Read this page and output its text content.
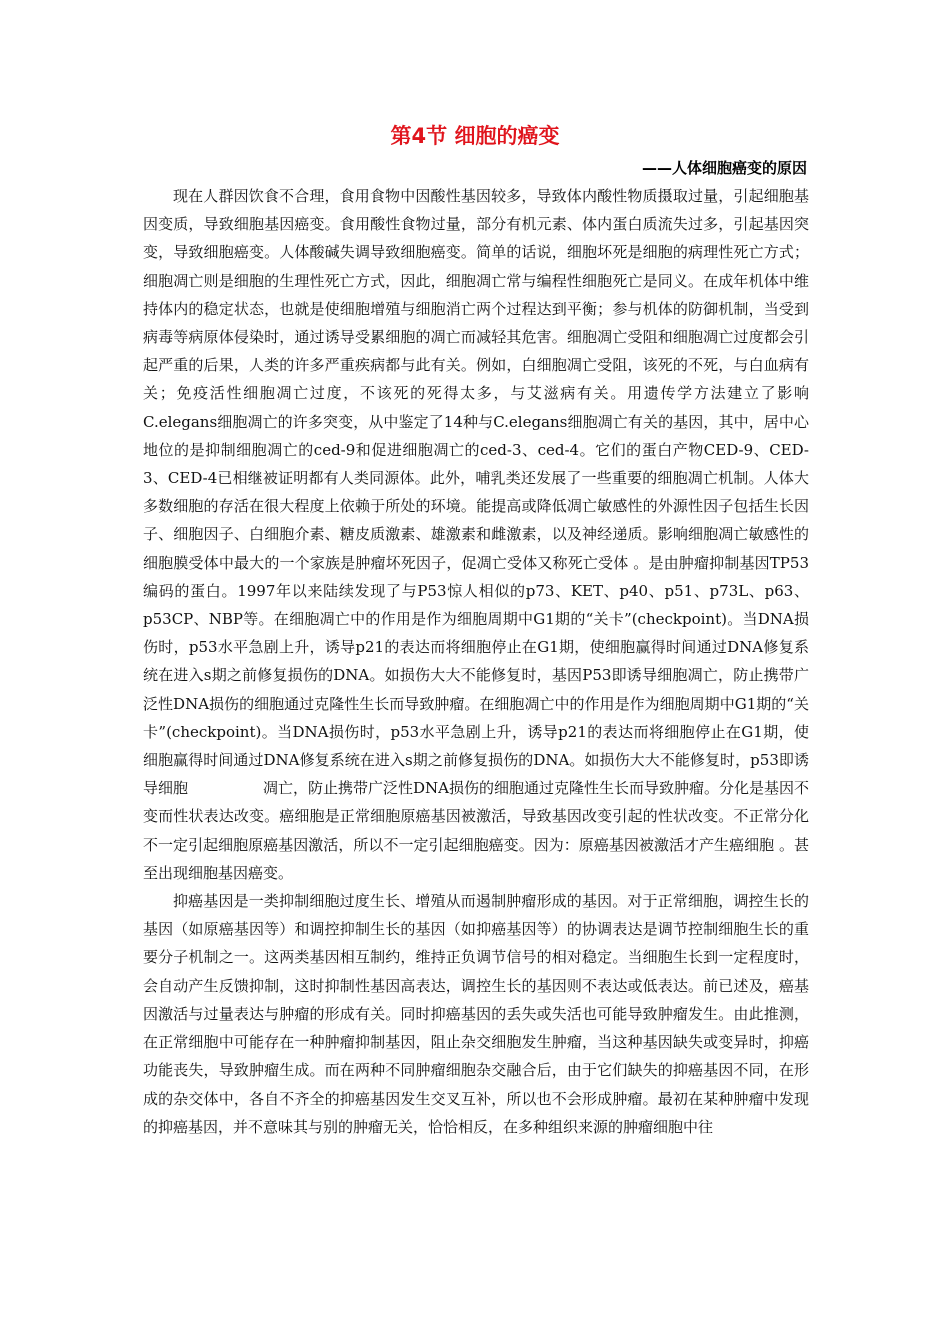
第4节 细胞的癌变
——人体细胞癌变的原因

现在人群因饮食不合理，食用食物中因酸性基因较多，导致体内酸性物质摄取过量，引起细胞基因变质，导致细胞基因癌变。食用酸性食物过量，部分有机元素、体内蛋白质流失过多，引起基因突变，导致细胞癌变。人体酸碱失调导致细胞癌变。简单的话说，细胞坏死是细胞的病理性死亡方式；细胞凋亡则是细胞的生理性死亡方式，因此，细胞凋亡常与编程性细胞死亡是同义。在成年机体中维持体内的稳定状态，也就是使细胞增殖与细胞消亡两个过程达到平衡；参与机体的防御机制，当受到病毒等病原体侵染时，通过诱导受累细胞的凋亡而减轻其危害。细胞凋亡受阻和细胞凋亡过度都会引起严重的后果，人类的许多严重疾病都与此有关。例如，白细胞凋亡受阻，该死的不死，与白血病有关；免疫活性细胞凋亡过度，不该死的死得太多，与艾滋病有关。用遗传学方法建立了影响C.elegans细胞凋亡的许多突变，从中鉴定了14种与C.elegans细胞凋亡有关的基因，其中，居中心地位的是抑制细胞凋亡的ced-9和促进细胞凋亡的ced-3、ced-4。它们的蛋白产物CED-9、CED-3、CED-4已相继被证明都有人类同源体。此外，哺乳类还发展了一些重要的细胞凋亡机制。人体大多数细胞的存活在很大程度上依赖于所处的环境。能提高或降低凋亡敏感性的外源性因子包括生长因子、细胞因子、白细胞介素、糖皮质激素、雄激素和雌激素，以及神经递质。影响细胞凋亡敏感性的细胞膜受体中最大的一个家族是肿瘤坏死因子，促凋亡受体又称死亡受体 。是由肿瘤抑制基因TP53编码的蛋白。1997年以来陆续发现了与P53惊人相似的p73、KET、p40、p51、p73L、p63、p53CP、NBP等。在细胞凋亡中的作用是作为细胞周期中G1期的“关卡”(checkpoint)。当DNA损伤时，p53水平急剧上升，诱导p21的表达而将细胞停止在G1期，使细胞赢得时间通过DNA修复系统在进入s期之前修复损伤的DNA。如损伤大大不能修复时，基因P53即诱导细胞凋亡，防止携带广泛性DNA损伤的细胞通过克隆性生长而导致肿瘤。在细胞凋亡中的作用是作为细胞周期中G1期的“关卡”(checkpoint)。当DNA损伤时，p53水平急剧上升，诱导p21的表达而将细胞停止在G1期，使细胞赢得时间通过DNA修复系统在进入s期之前修复损伤的DNA。如损伤大大不能修复时，p53即诱导细胞　　　　　凋亡，防止携带广泛性DNA损伤的细胞通过克隆性生长而导致肿瘤。分化是基因不变而性状表达改变。癌细胞是正常细胞原癌基因被激活，导致基因改变引起的性状改变。不正常分化不一定引起细胞原癌基因激活，所以不一定引起细胞癌变。因为：原癌基因被激活才产生癌细胞 。甚至出现细胞基因癌变。

抑癌基因是一类抑制细胞过度生长、增殖从而遏制肿瘤形成的基因。对于正常细胞，调控生长的基因（如原癌基因等）和调控抑制生长的基因（如抑癌基因等）的协调表达是调节控制细胞生长的重要分子机制之一。这两类基因相互制约，维持正负调节信号的相对稳定。当细胞生长到一定程度时，会自动产生反馈抑制，这时抑制性基因高表达，调控生长的基因则不表达或低表达。前已述及，癌基因激活与过量表达与肿瘤的形成有关。同时抑癌基因的丢失或失活也可能导致肿瘤发生。由此推测，在正常细胞中可能存在一种肿瘤抑制基因，阻止杂交细胞发生肿瘤，当这种基因缺失或变异时，抑癌功能丧失，导致肿瘤生成。而在两种不同肿瘤细胞杂交融合后，由于它们缺失的抑癌基因不同，在形成的杂交体中，各自不齐全的抑癌基因发生交叉互补，所以也不会形成肿瘤。最初在某种肿瘤中发现的抑癌基因，并不意味其与别的肿瘤无关，恰恰相反，在多种组织来源的肿瘤细胞中往
